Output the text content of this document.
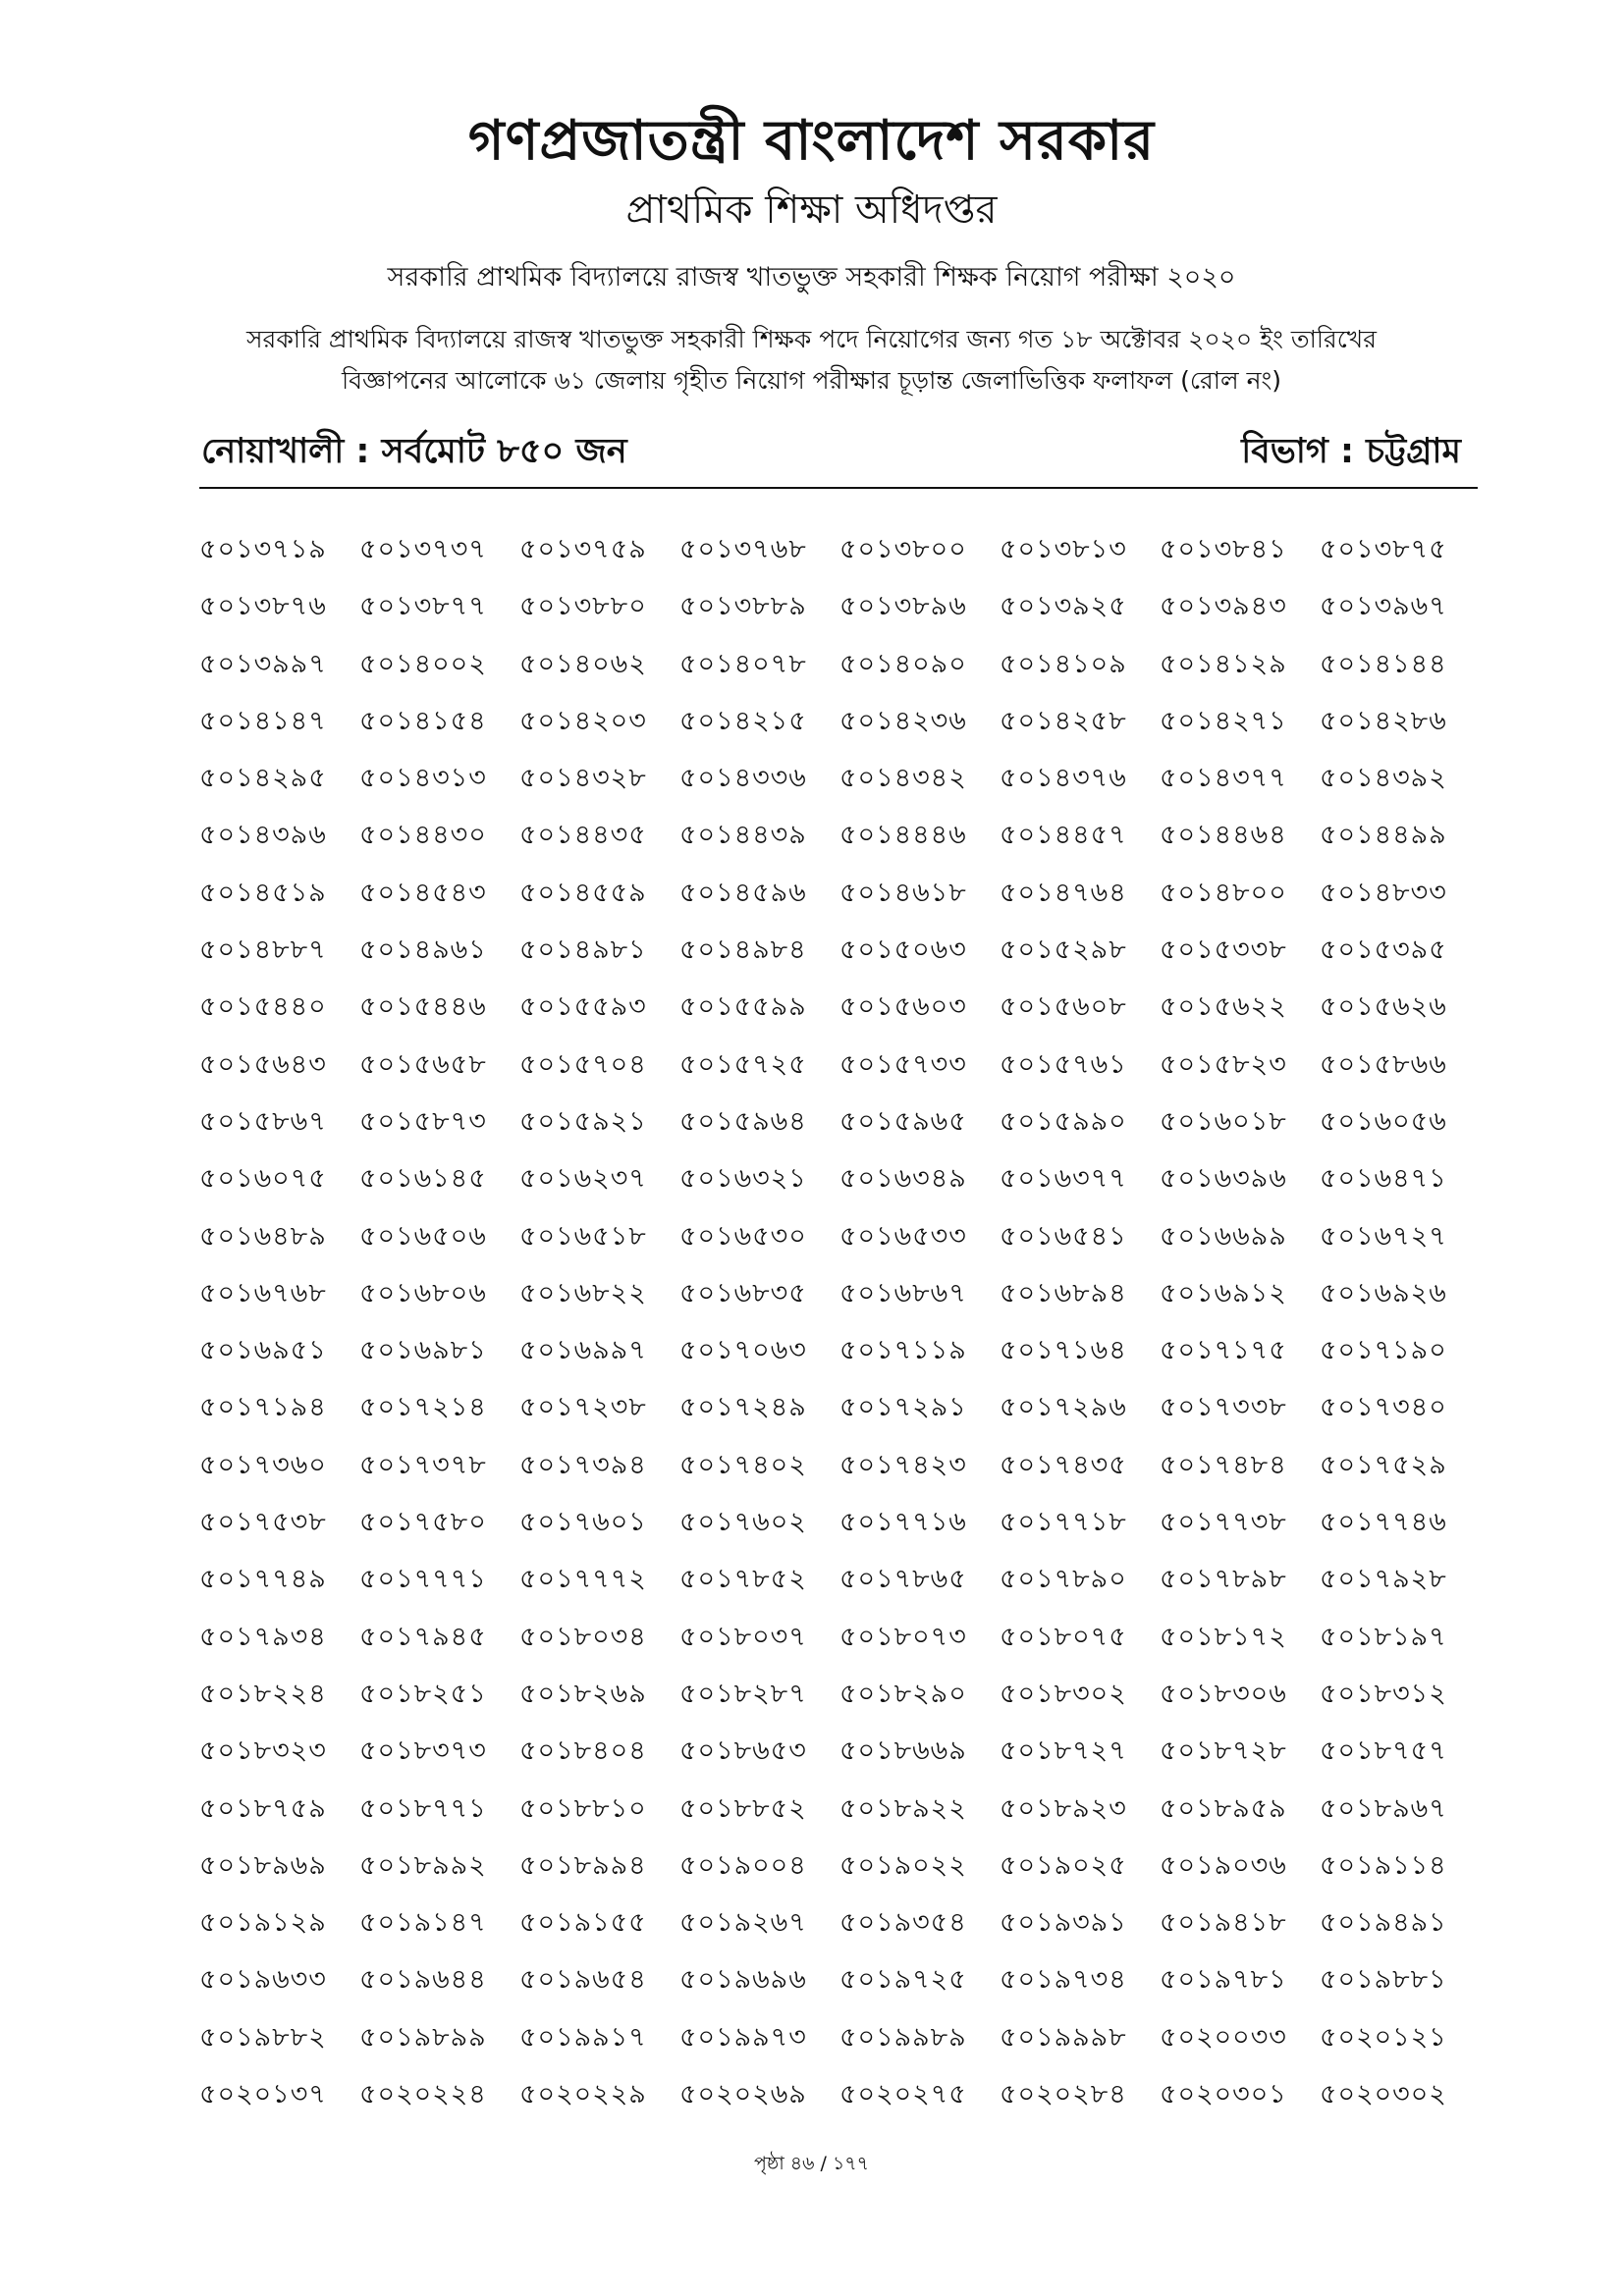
গণপ্রজাতন্ত্রী বাংলাদেশ সরকার
প্রাথমিক শিক্ষা অধিদপ্তর
সরকারি প্রাথমিক বিদ্যালয়ে রাজস্ব খাতভুক্ত সহকারী শিক্ষক নিয়োগ পরীক্ষা ২০২০
সরকারি প্রাথমিক বিদ্যালয়ে রাজস্ব খাতভুক্ত সহকারী শিক্ষক পদে নিয়োগের জন্য গত ১৮ অক্টোবর ২০২০ ইং তারিখের
বিজ্ঞাপনের আলোকে ৬১ জেলায় গৃহীত নিয়োগ পরীক্ষার চূড়ান্ত জেলাভিত্তিক ফলাফল (রোল নং)
নোয়াখালী : সর্বমোট ৮৫০ জন	বিভাগ : চট্টগ্রাম
৫০১৩৭১৯	৫০১৩৭৩৭	৫০১৩৭৫৯	৫০১৩৭৬৮	৫০১৩৮০০	৫০১৩৮১৩	৫০১৩৮৪১	৫০১৩৮৭৫
৫০১৩৮৭৬	৫০১৩৮৭৭	৫০১৩৮৮০	৫০১৩৮৮৯	৫০১৩৮৯৬	৫০১৩৯২৫	৫০১৩৯৪৩	৫০১৩৯৬৭
৫০১৩৯৯৭	৫০১৪০০২	৫০১৪০৬২	৫০১৪০৭৮	৫০১৪০৯০	৫০১৪১০৯	৫০১৪১২৯	৫০১৪১৪৪
৫০১৪১৪৭	৫০১৪১৫৪	৫০১৪২০৩	৫০১৪২১৫	৫০১৪২৩৬	৫০১৪২৫৮	৫০১৪২৭১	৫০১৪২৮৬
৫০১৪২৯৫	৫০১৪৩১৩	৫০১৪৩২৮	৫০১৪৩৩৬	৫০১৪৩৪২	৫০১৪৩৭৬	৫০১৪৩৭৭	৫০১৪৩৯২
৫০১৪৩৯৬	৫০১৪৪৩০	৫০১৪৪৩৫	৫০১৪৪৩৯	৫০১৪৪৪৬	৫০১৪৪৫৭	৫০১৪৪৬৪	৫০১৪৪৯৯
৫০১৪৫১৯	৫০১৪৫৪৩	৫০১৪৫৫৯	৫০১৪৫৯৬	৫০১৪৬১৮	৫০১৪৭৬৪	৫০১৪৮০০	৫০১৪৮৩৩
৫০১৪৮৮৭	৫০১৪৯৬১	৫০১৪৯৮১	৫০১৪৯৮৪	৫০১৫০৬৩	৫০১৫২৯৮	৫০১৫৩৩৮	৫০১৫৩৯৫
৫০১৫৪৪০	৫০১৫৪৪৬	৫০১৫৫৯৩	৫০১৫৫৯৯	৫০১৫৬০৩	৫০১৫৬০৮	৫০১৫৬২২	৫০১৫৬২৬
৫০১৫৬৪৩	৫০১৫৬৫৮	৫০১৫৭০৪	৫০১৫৭২৫	৫০১৫৭৩৩	৫০১৫৭৬১	৫০১৫৮২৩	৫০১৫৮৬৬
৫০১৫৮৬৭	৫০১৫৮৭৩	৫০১৫৯২১	৫০১৫৯৬৪	৫০১৫৯৬৫	৫০১৫৯৯০	৫০১৬০১৮	৫০১৬০৫৬
৫০১৬০৭৫	৫০১৬১৪৫	৫০১৬২৩৭	৫০১৬৩২১	৫০১৬৩৪৯	৫০১৬৩৭৭	৫০১৬৩৯৬	৫০১৬৪৭১
৫০১৬৪৮৯	৫০১৬৫০৬	৫০১৬৫১৮	৫০১৬৫৩০	৫০১৬৫৩৩	৫০১৬৫৪১	৫০১৬৬৯৯	৫০১৬৭২৭
৫০১৬৭৬৮	৫০১৬৮০৬	৫০১৬৮২২	৫০১৬৮৩৫	৫০১৬৮৬৭	৫০১৬৮৯৪	৫০১৬৯১২	৫০১৬৯২৬
৫০১৬৯৫১	৫০১৬৯৮১	৫০১৬৯৯৭	৫০১৭০৬৩	৫০১৭১১৯	৫০১৭১৬৪	৫০১৭১৭৫	৫০১৭১৯০
৫০১৭১৯৪	৫০১৭২১৪	৫০১৭২৩৮	৫০১৭২৪৯	৫০১৭২৯১	৫০১৭২৯৬	৫০১৭৩৩৮	৫০১৭৩৪০
৫০১৭৩৬০	৫০১৭৩৭৮	৫০১৭৩৯৪	৫০১৭৪০২	৫০১৭৪২৩	৫০১৭৪৩৫	৫০১৭৪৮৪	৫০১৭৫২৯
৫০১৭৫৩৮	৫০১৭৫৮০	৫০১৭৬০১	৫০১৭৬০২	৫০১৭৭১৬	৫০১৭৭১৮	৫০১৭৭৩৮	৫০১৭৭৪৬
৫০১৭৭৪৯	৫০১৭৭৭১	৫০১৭৭৭২	৫০১৭৮৫২	৫০১৭৮৬৫	৫০১৭৮৯০	৫০১৭৮৯৮	৫০১৭৯২৮
৫০১৭৯৩৪	৫০১৭৯৪৫	৫০১৮০৩৪	৫০১৮০৩৭	৫০১৮০৭৩	৫০১৮০৭৫	৫০১৮১৭২	৫০১৮১৯৭
৫০১৮২২৪	৫০১৮২৫১	৫০১৮২৬৯	৫০১৮২৮৭	৫০১৮২৯০	৫০১৮৩০২	৫০১৮৩০৬	৫০১৮৩১২
৫০১৮৩২৩	৫০১৮৩৭৩	৫০১৮৪০৪	৫০১৮৬৫৩	৫০১৮৬৬৯	৫০১৮৭২৭	৫০১৮৭২৮	৫০১৮৭৫৭
৫০১৮৭৫৯	৫০১৮৭৭১	৫০১৮৮১০	৫০১৮৮৫২	৫০১৮৯২২	৫০১৮৯২৩	৫০১৮৯৫৯	৫০১৮৯৬৭
৫০১৮৯৬৯	৫০১৮৯৯২	৫০১৮৯৯৪	৫০১৯০০৪	৫০১৯০২২	৫০১৯০২৫	৫০১৯০৩৬	৫০১৯১১৪
৫০১৯১২৯	৫০১৯১৪৭	৫০১৯১৫৫	৫০১৯২৬৭	৫০১৯৩৫৪	৫০১৯৩৯১	৫০১৯৪১৮	৫০১৯৪৯১
৫০১৯৬৩৩	৫০১৯৬৪৪	৫০১৯৬৫৪	৫০১৯৬৯৬	৫০১৯৭২৫	৫০১৯৭৩৪	৫০১৯৭৮১	৫০১৯৮৮১
৫০১৯৮৮২	৫০১৯৮৯৯	৫০১৯৯১৭	৫০১৯৯৭৩	৫০১৯৯৮৯	৫০১৯৯৯৮	৫০২০০৩৩	৫০২০১২১
৫০২০১৩৭	৫০২০২২৪	৫০২০২২৯	৫০২০২৬৯	৫০২০২৭৫	৫০২০২৮৪	৫০২০৩০১	৫০২০৩০২
পৃষ্ঠা ৪৬ / ১৭৭
